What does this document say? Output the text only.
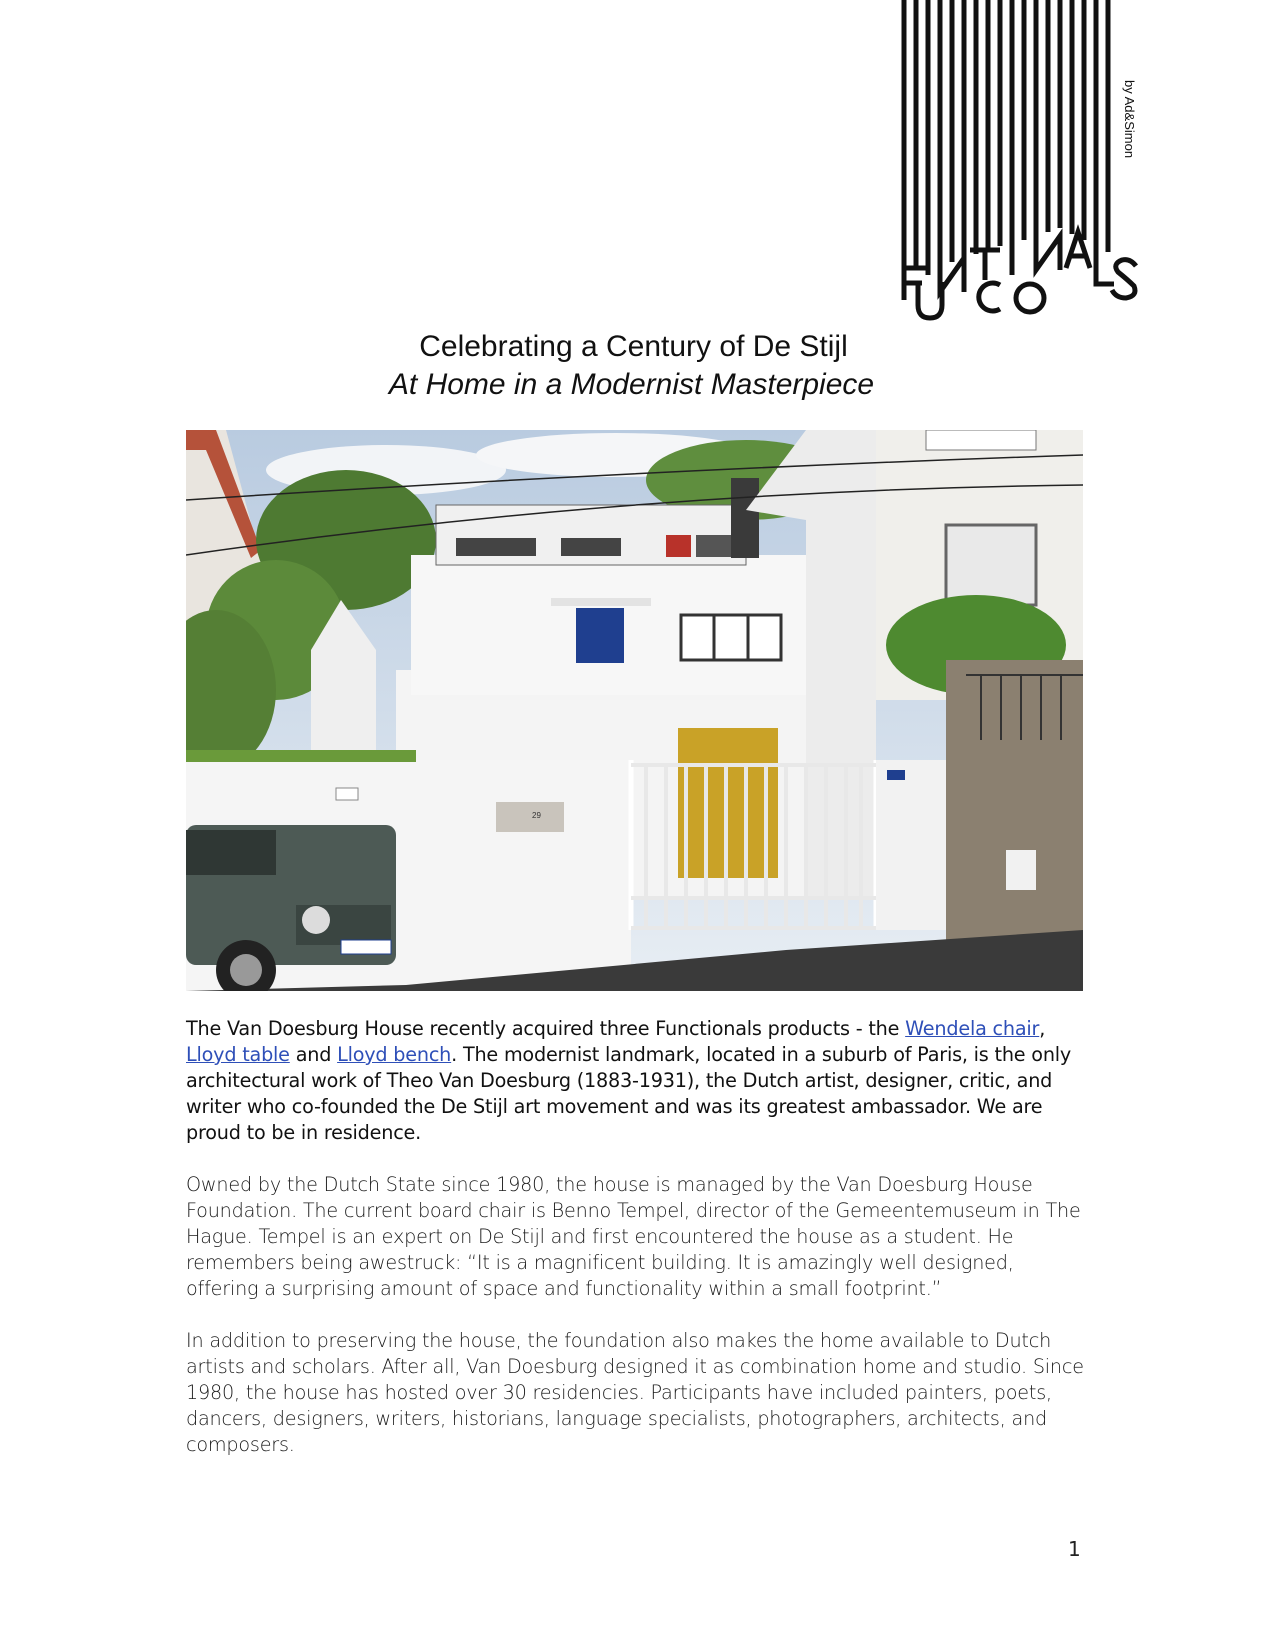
by Ad&Simon
Celebrating a Century of De Stijl
At Home in a Modernist Masterpiece
29

The Van Doesburg House recently acquired three Functionals products - the Wendela chair, Lloyd table and Lloyd bench. The modernist landmark, located in a suburb of Paris, is the only architectural work of Theo Van Doesburg (1883-1931), the Dutch artist, designer, critic, and writer who co-founded the De Stijl art movement and was its greatest ambassador. We are proud to be in residence.

Owned by the Dutch State since 1980, the house is managed by the Van Doesburg House Foundation. The current board chair is Benno Tempel, director of the Gemeentemuseum in The Hague. Tempel is an expert on De Stijl and first encountered the house as a student. He remembers being awestruck: “It is a magnificent building. It is amazingly well designed, offering a surprising amount of space and functionality within a small footprint.”

In addition to preserving the house, the foundation also makes the home available to Dutch artists and scholars. After all, Van Doesburg designed it as combination home and studio. Since 1980, the house has hosted over 30 residencies. Participants have included painters, poets, dancers, designers, writers, historians, language specialists, photographers, architects, and composers.

1
